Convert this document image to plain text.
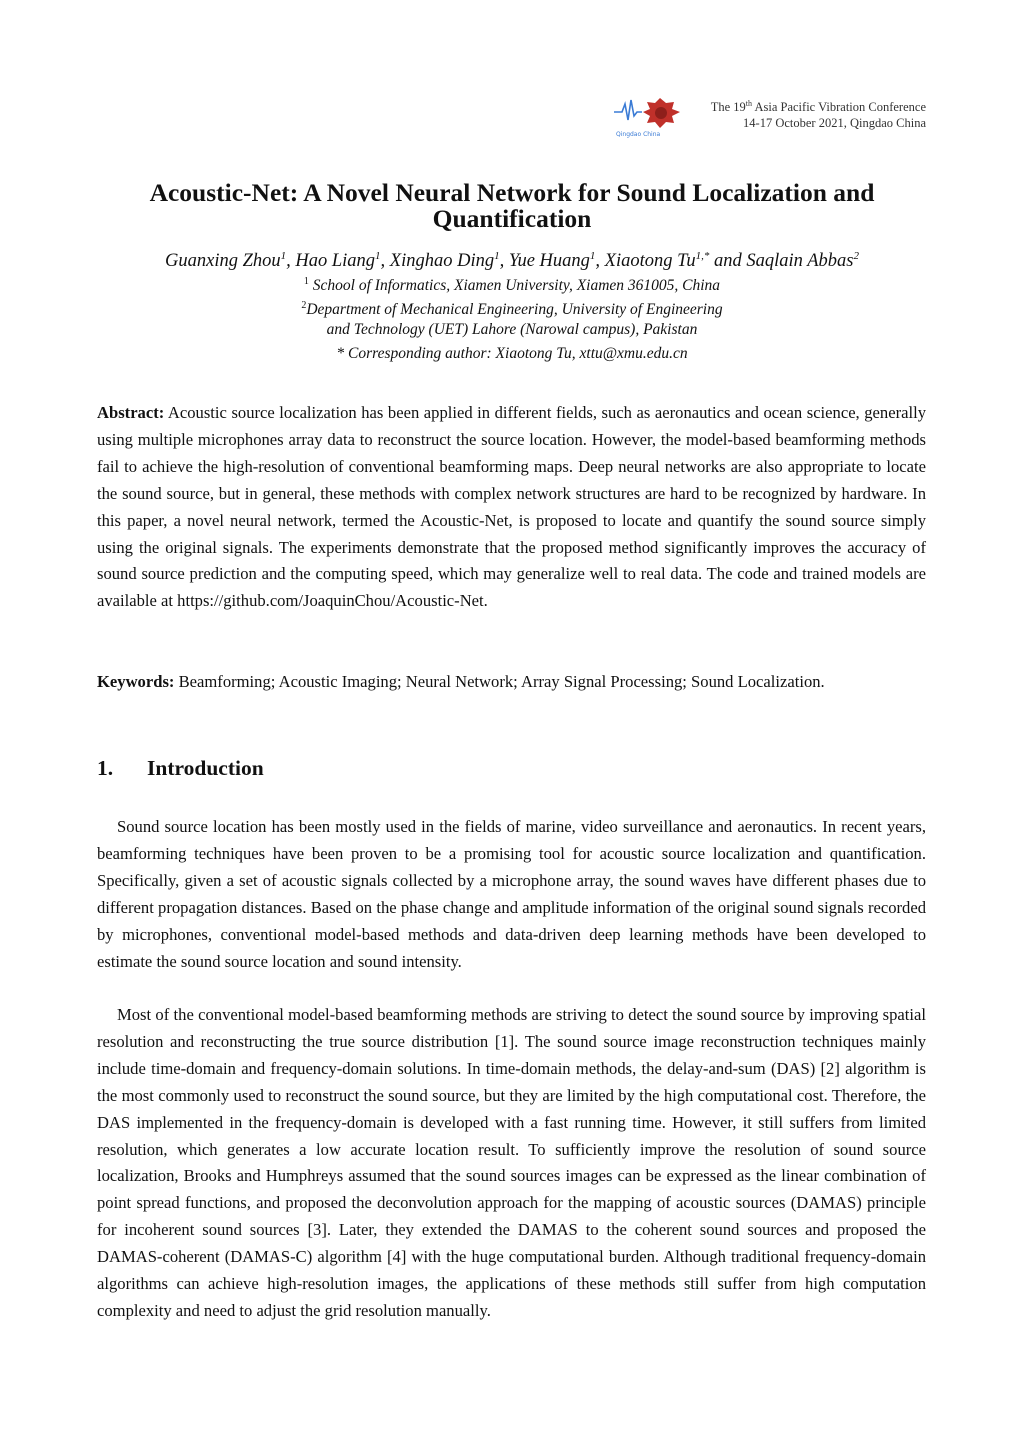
Qingdao China
The 19th Asia Pacific Vibration Conference
14-17 October 2021, Qingdao China
Acoustic-Net: A Novel Neural Network for Sound Localization and Quantification
Guanxing Zhou$^1$, Hao Liang$^1$, Xinghao Ding$^1$, Yue Huang$^1$, Xiaotong $Tu^{1,*}$ and Saqlain Abbas$^2$
$^1$ School of Informatics, Xiamen University, Xiamen 361005, China
$^2$Department of Mechanical Engineering, University of Engineering
and Technology (UET) Lahore (Narowal campus), Pakistan
* Corresponding author: Xiaotong Tu, xttu@xmu.edu.cn
Abstract: Acoustic source localization has been applied in different fields, such as aeronautics and ocean science, generally using multiple microphones array data to reconstruct the source location. However, the model-based beamforming methods fail to achieve the high-resolution of conventional beamforming maps. Deep neural networks are also appropriate to locate the sound source, but in general, these methods with complex network structures are hard to be recognized by hardware. In this paper, a novel neural network, termed the Acoustic-Net, is proposed to locate and quantify the sound source simply using the original signals. The experiments demonstrate that the proposed method significantly improves the accuracy of sound source prediction and the computing speed, which may generalize well to real data. The code and trained models are available at https://github.com/JoaquinChou/Acoustic-Net.
Keywords: Beamforming; Acoustic Imaging; Neural Network; Array Signal Processing; Sound Localization.
1. Introduction
Sound source location has been mostly used in the fields of marine, video surveillance and aeronautics. In recent years, beamforming techniques have been proven to be a promising tool for acoustic source localization and quantification. Specifically, given a set of acoustic signals collected by a microphone array, the sound waves have different phases due to different propagation distances. Based on the phase change and amplitude information of the original sound signals recorded by microphones, conventional model-based methods and data-driven deep learning methods have been developed to estimate the sound source location and sound intensity.
Most of the conventional model-based beamforming methods are striving to detect the sound source by improving spatial resolution and reconstructing the true source distribution [1]. The sound source image reconstruction techniques mainly include time-domain and frequency-domain solutions. In time-domain methods, the delay-and-sum (DAS) [2] algorithm is the most commonly used to reconstruct the sound source, but they are limited by the high computational cost. Therefore, the DAS implemented in the frequency-domain is developed with a fast running time. However, it still suffers from limited resolution, which generates a low accurate location result. To sufficiently improve the resolution of sound source localization, Brooks and Humphreys assumed that the sound sources images can be expressed as the linear combination of point spread functions, and proposed the deconvolution approach for the mapping of acoustic sources (DAMAS) principle for incoherent sound sources [3]. Later, they extended the DAMAS to the coherent sound sources and proposed the DAMAS-coherent (DAMAS-C) algorithm [4] with the huge computational burden. Although traditional frequency-domain algorithms can achieve high-resolution images, the applications of these methods still suffer from high computation complexity and need to adjust the grid resolution manually.
